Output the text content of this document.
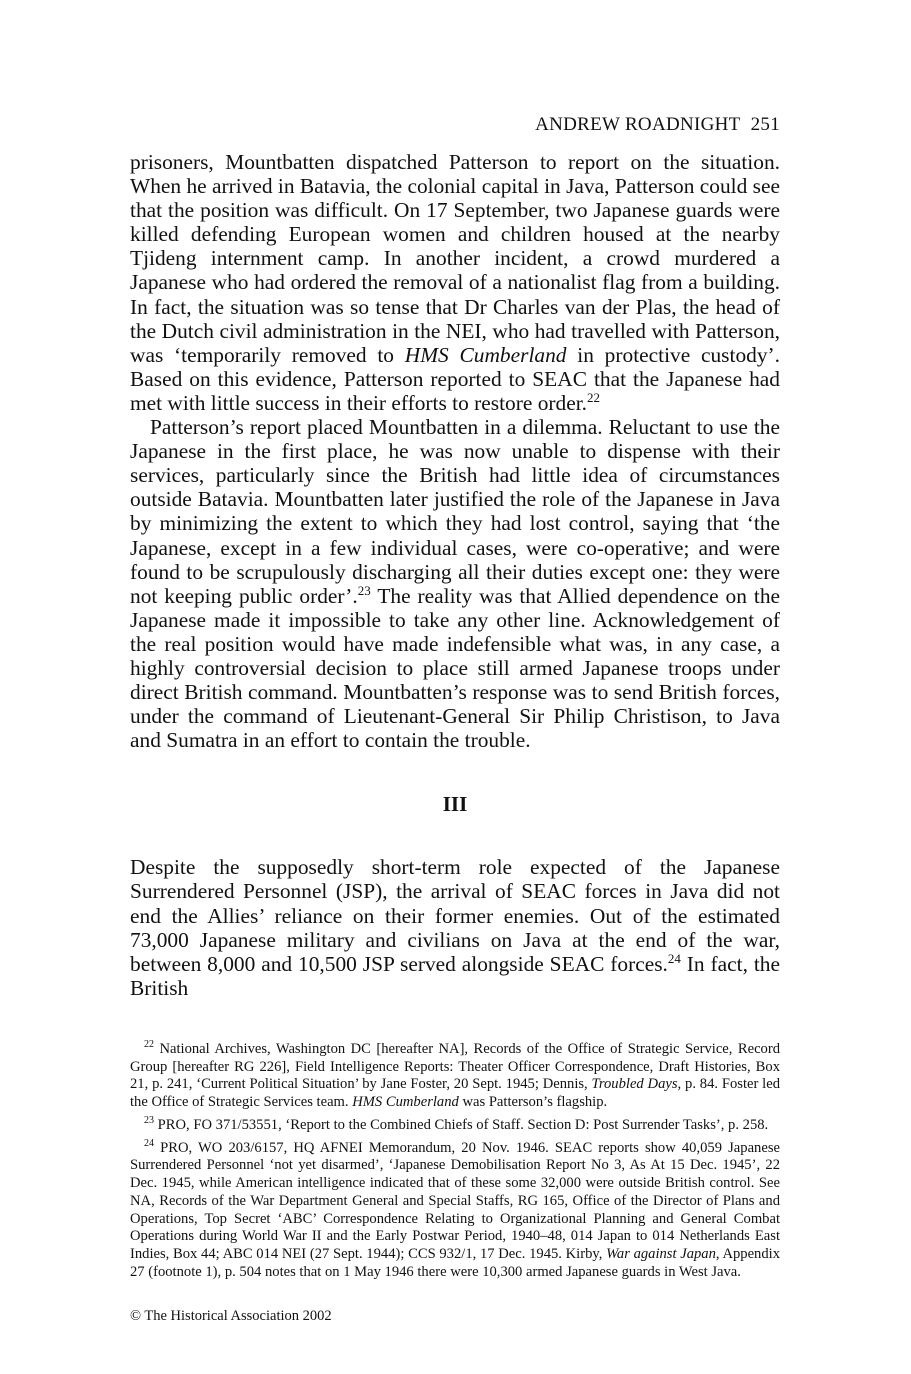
ANDREW ROADNIGHT 251

prisoners, Mountbatten dispatched Patterson to report on the situation. When he arrived in Batavia, the colonial capital in Java, Patterson could see that the position was difficult. On 17 September, two Japanese guards were killed defending European women and children housed at the nearby Tjideng internment camp. In another incident, a crowd murdered a Japanese who had ordered the removal of a nationalist flag from a building. In fact, the situation was so tense that Dr Charles van der Plas, the head of the Dutch civil administration in the NEI, who had travelled with Patterson, was ‘temporarily removed to HMS Cumberland in protective custody’. Based on this evidence, Patterson reported to SEAC that the Japanese had met with little success in their efforts to restore order.$^{22}$

Patterson’s report placed Mountbatten in a dilemma. Reluctant to use the Japanese in the first place, he was now unable to dispense with their services, particularly since the British had little idea of circumstances outside Batavia. Mountbatten later justified the role of the Japanese in Java by minimizing the extent to which they had lost control, saying that ‘the Japanese, except in a few individual cases, were co-operative; and were found to be scrupulously discharging all their duties except one: they were not keeping public order’.$^{23}$ The reality was that Allied dependence on the Japanese made it impossible to take any other line. Acknowledgement of the real position would have made indefensible what was, in any case, a highly controversial decision to place still armed Japanese troops under direct British command. Mountbatten’s response was to send British forces, under the command of Lieutenant-General Sir Philip Christison, to Java and Sumatra in an effort to contain the trouble.

III

Despite the supposedly short-term role expected of the Japanese Surrendered Personnel (JSP), the arrival of SEAC forces in Java did not end the Allies’ reliance on their former enemies. Out of the estimated 73,000 Japanese military and civilians on Java at the end of the war, between 8,000 and 10,500 JSP served alongside SEAC forces.$^{24}$ In fact, the British

$^{22}$ National Archives, Washington DC [hereafter NA], Records of the Office of Strategic Service, Record Group [hereafter RG 226], Field Intelligence Reports: Theater Officer Correspondence, Draft Histories, Box 21, p. 241, ‘Current Political Situation’ by Jane Foster, 20 Sept. 1945; Dennis, Troubled Days, p. 84. Foster led the Office of Strategic Services team. HMS Cumberland was Patterson’s flagship.

$^{23}$ PRO, FO 371/53551, ‘Report to the Combined Chiefs of Staff. Section D: Post Surrender Tasks’, p. 258.

$^{24}$ PRO, WO 203/6157, HQ AFNEI Memorandum, 20 Nov. 1946. SEAC reports show 40,059 Japanese Surrendered Personnel ‘not yet disarmed’, ‘Japanese Demobilisation Report No 3, As At 15 Dec. 1945’, 22 Dec. 1945, while American intelligence indicated that of these some 32,000 were outside British control. See NA, Records of the War Department General and Special Staffs, RG 165, Office of the Director of Plans and Operations, Top Secret ‘ABC’ Correspondence Relating to Organizational Planning and General Combat Operations during World War II and the Early Postwar Period, 1940–48, 014 Japan to 014 Netherlands East Indies, Box 44; ABC 014 NEI (27 Sept. 1944); CCS 932/1, 17 Dec. 1945. Kirby, War against Japan, Appendix 27 (footnote 1), p. 504 notes that on 1 May 1946 there were 10,300 armed Japanese guards in West Java.

© The Historical Association 2002
